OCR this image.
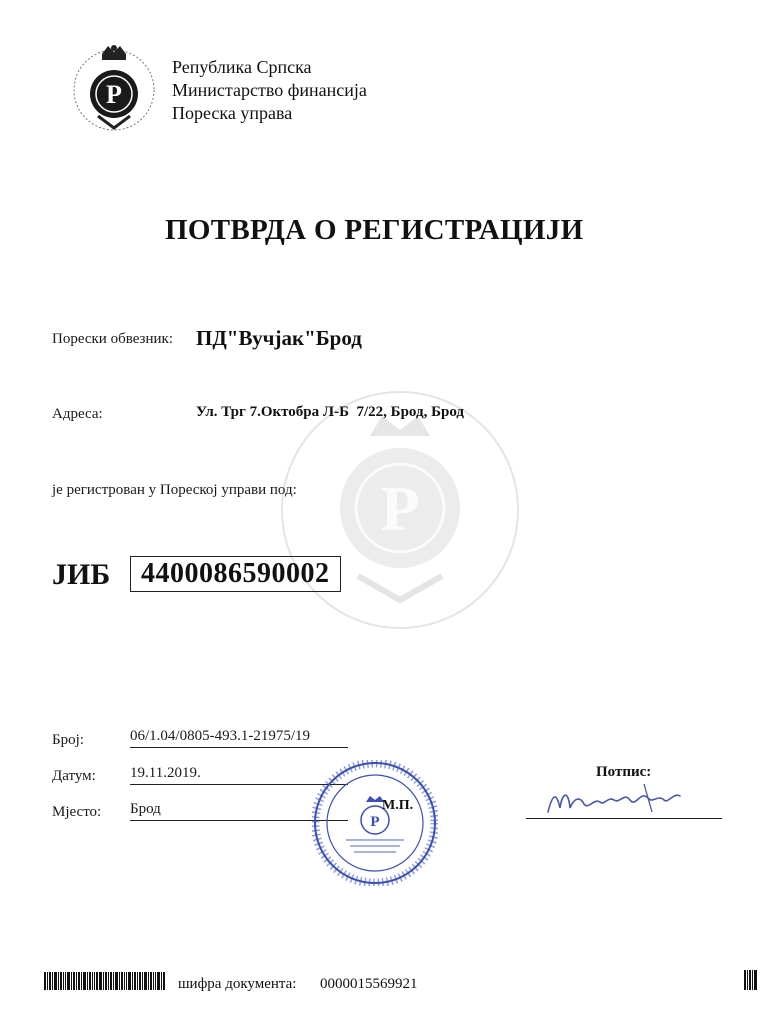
P
Република Српска
Министарство финансија
Пореска управа
ПОТВРДА О РЕГИСТРАЦИЈИ
P
Порески обвезник: ПД"Вучјак"Брод
Адреса:	Ул. Трг 7.Октобра Л-Б  7/22, Брод, Брод
је регистрован у Пореској управи под:
ЈИБ	4400086590002
Број:	06/1.04/0805-493.1-21975/19
Датум: 19.11.2019.
Мјесто: Брод
P
М.П.
Потпис:
шифра документа: 0000015569921
